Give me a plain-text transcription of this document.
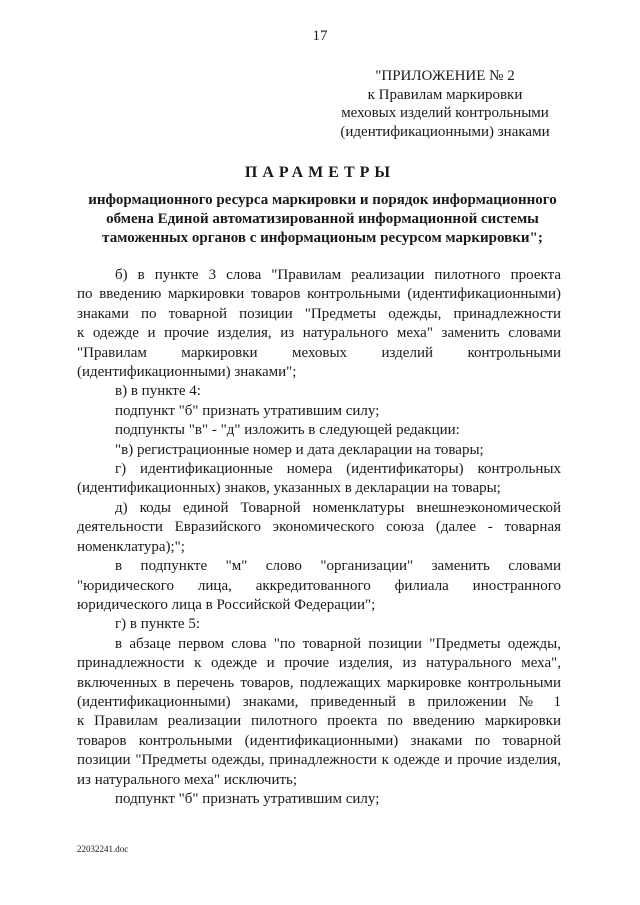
17
"ПРИЛОЖЕНИЕ № 2
к Правилам маркировки
меховых изделий контрольными
(идентификационными) знаками
ПАРАМЕТРЫ
информационного ресурса маркировки и порядок информационного
обмена Единой автоматизированной информационной системы
таможенных органов с информационым ресурсом маркировки";
б) в пункте 3 слова "Правилам реализации пилотного проекта
по введению маркировки товаров контрольными (идентификационными)
знаками по товарной позиции "Предметы одежды, принадлежности
к одежде и прочие изделия, из натурального меха" заменить словами
"Правилам маркировки меховых изделий контрольными
(идентификационными) знаками";
в) в пункте 4:
подпункт "б" признать утратившим силу;
подпункты "в" - "д" изложить в следующей редакции:
"в) регистрационные номер и дата декларации на товары;
г) идентификационные номера (идентификаторы) контрольных
(идентификационных) знаков, указанных в декларации на товары;
д) коды единой Товарной номенклатуры внешнеэкономической
деятельности Евразийского экономического союза (далее - товарная
номенклатура);";
в подпункте "м" слово "организации" заменить словами
"юридического лица, аккредитованного филиала иностранного
юридического лица в Российской Федерации";
г) в пункте 5:
в абзаце первом слова "по товарной позиции "Предметы одежды,
принадлежности к одежде и прочие изделия, из натурального меха",
включенных в перечень товаров, подлежащих маркировке контрольными
(идентификационными) знаками, приведенный в приложении № 1
к Правилам реализации пилотного проекта по введению маркировки
товаров контрольными (идентификационными) знаками по товарной
позиции "Предметы одежды, принадлежности к одежде и прочие изделия,
из натурального меха" исключить;
подпункт "б" признать утратившим силу;
22032241.doc
